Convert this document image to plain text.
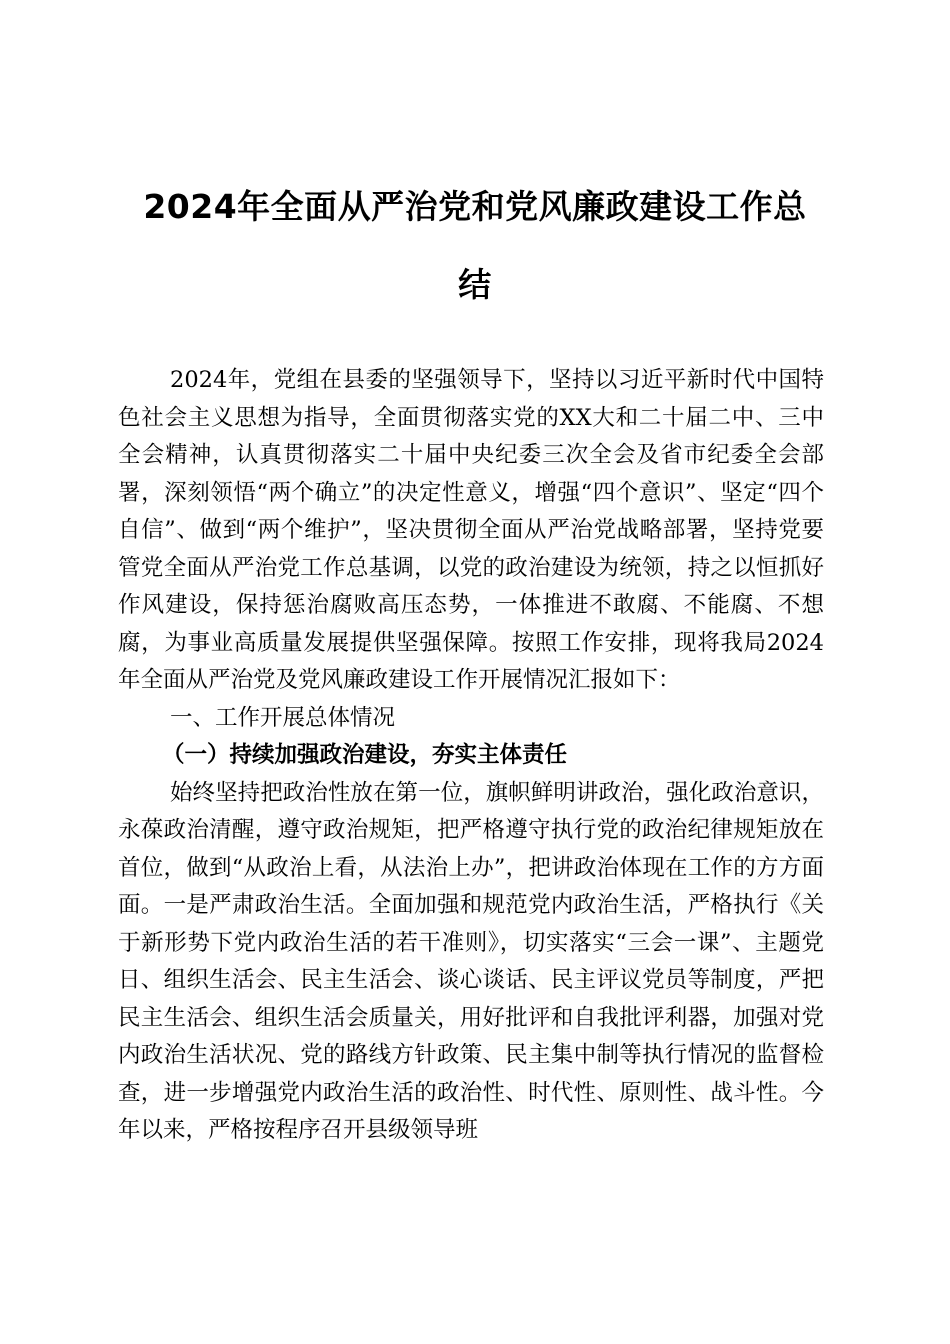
2024年全面从严治党和党风廉政建设工作总
结

2024年，党组在县委的坚强领导下，坚持以习近平新时代中国特色社会主义思想为指导，全面贯彻落实党的XX大和二十届二中、三中全会精神，认真贯彻落实二十届中央纪委三次全会及省市纪委全会部署，深刻领悟“两个确立”的决定性意义，增强“四个意识”、坚定“四个自信”、做到“两个维护”，坚决贯彻全面从严治党战略部署，坚持党要管党全面从严治党工作总基调，以党的政治建设为统领，持之以恒抓好作风建设，保持惩治腐败高压态势，一体推进不敢腐、不能腐、不想腐，为事业高质量发展提供坚强保障。按照工作安排，现将我局2024年全面从严治党及党风廉政建设工作开展情况汇报如下：

一、工作开展总体情况

（一）持续加强政治建设，夯实主体责任

始终坚持把政治性放在第一位，旗帜鲜明讲政治，强化政治意识，永葆政治清醒，遵守政治规矩，把严格遵守执行党的政治纪律规矩放在首位，做到“从政治上看，从法治上办”，把讲政治体现在工作的方方面面。一是严肃政治生活。全面加强和规范党内政治生活，严格执行《关于新形势下党内政治生活的若干准则》，切实落实“三会一课”、主题党日、组织生活会、民主生活会、谈心谈话、民主评议党员等制度，严把民主生活会、组织生活会质量关，用好批评和自我批评利器，加强对党内政治生活状况、党的路线方针政策、民主集中制等执行情况的监督检查，进一步增强党内政治生活的政治性、时代性、原则性、战斗性。今年以来，严格按程序召开县级领导班
